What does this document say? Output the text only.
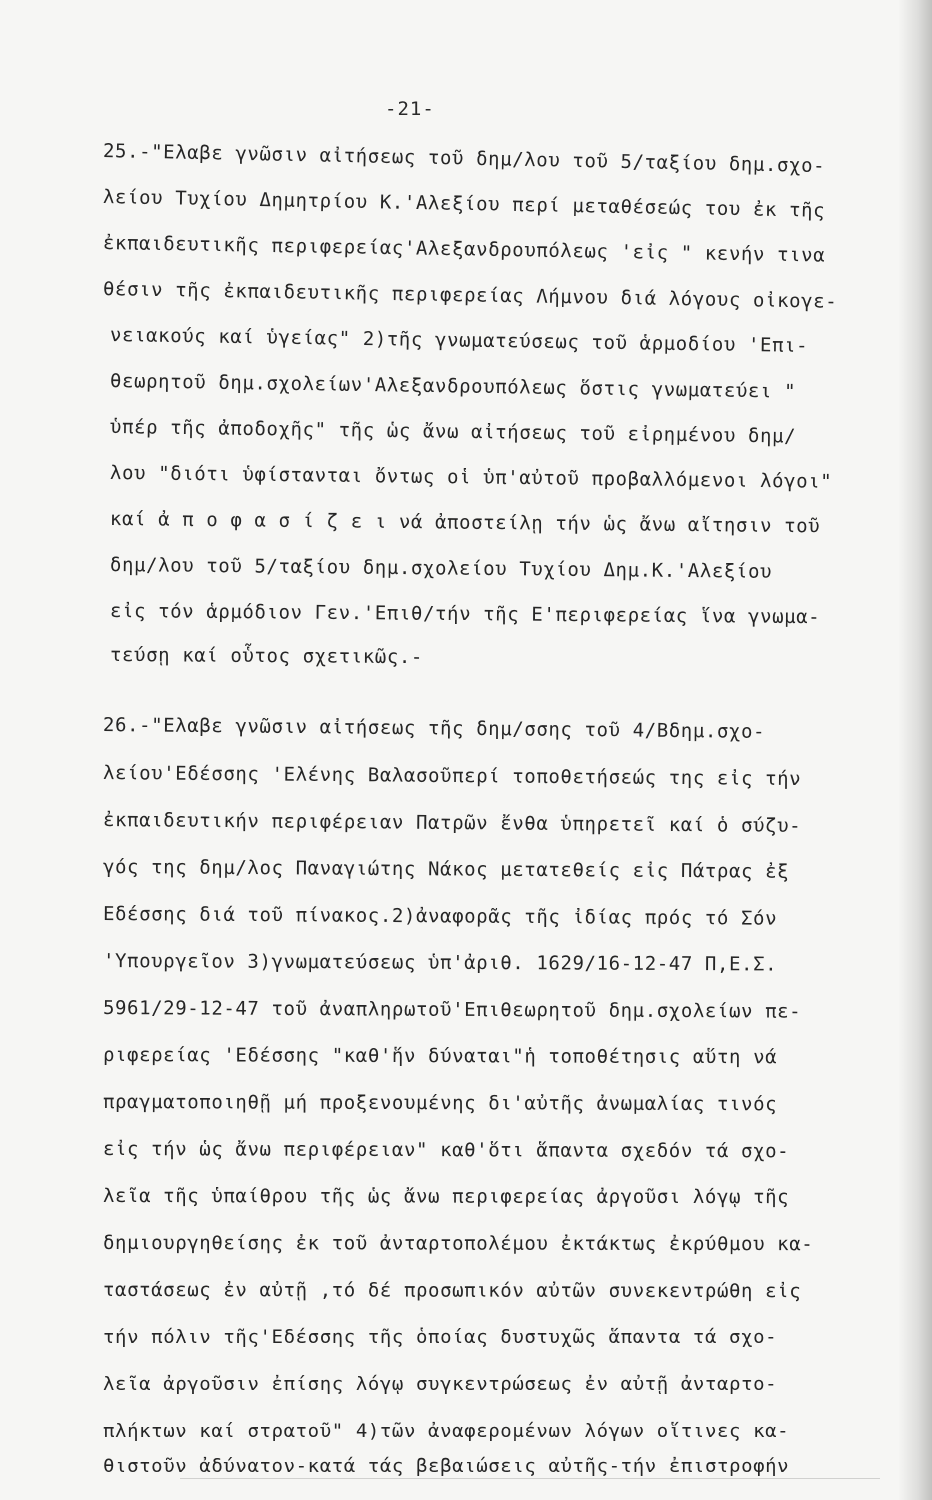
-21-
25.-"Ελαβε γνῶσιν αἰτήσεως τοῦ δημ/λου τοῦ 5/ταξίου δημ.σχο-
λείου Τυχίου Δημητρίου Κ.'Αλεξίου περί μεταθέσεώς του ἐκ τῆς
ἐκπαιδευτικῆς περιφερείας'Αλεξανδρουπόλεως 'εἰς " κενήν τινα
θέσιν τῆς ἐκπαιδευτικῆς περιφερείας Λήμνου διά λόγους οἰκογε-
νειακούς καί ὑγείας" 2)τῆς γνωματεύσεως τοῦ ἁρμοδίου 'Επι-
θεωρητοῦ δημ.σχολείων'Αλεξανδρουπόλεως ὅστις γνωματεύει "
ὑπέρ τῆς ἀποδοχῆς" τῆς ὡς ἄνω αἰτήσεως τοῦ εἰρημένου δημ/
λου "διότι ὑφίστανται ὄντως οἱ ὑπ'αὐτοῦ προβαλλόμενοι λόγοι"
καί ἀ π ο φ α σ ί ζ ε ι νά ἀποστείλῃ τήν ὡς ἄνω αἴτησιν τοῦ
δημ/λου τοῦ 5/ταξίου δημ.σχολείου Τυχίου Δημ.Κ.'Αλεξίου
εἰς τόν ἁρμόδιον Γεν.'Επιθ/τήν τῆς Ε'περιφερείας ἵνα γνωμα-
τεύσῃ καί οὗτος σχετικῶς.-
26.-"Ελαβε γνῶσιν αἰτήσεως τῆς δημ/σσης τοῦ 4/Βδημ.σχο-
λείου'Εδέσσης 'Ελένης Βαλασοῦπερί τοποθετήσεώς της εἰς τήν
ἐκπαιδευτικήν περιφέρειαν Πατρῶν ἔνθα ὑπηρετεῖ καί ὁ σύζυ-
γός της δημ/λος Παναγιώτης Νάκος μετατεθείς εἰς Πάτρας ἐξ
Εδέσσης διά τοῦ πίνακος.2)ἀναφορᾶς τῆς ἰδίας πρός τό Σόν
'Υπουργεῖον 3)γνωματεύσεως ὑπ'ἀριθ. 1629/16-12-47 Π,Ε.Σ.
5961/29-12-47 τοῦ ἀναπληρωτοῦ'Επιθεωρητοῦ δημ.σχολείων πε-
ριφερείας 'Εδέσσης "καθ'ἥν δύναται"ἡ τοποθέτησις αὕτη νά
πραγματοποιηθῇ μή προξενουμένης δι'αὐτῆς ἀνωμαλίας τινός
εἰς τήν ὡς ἄνω περιφέρειαν" καθ'ὅτι ἅπαντα σχεδόν τά σχο-
λεῖα τῆς ὑπαίθρου τῆς ὡς ἄνω περιφερείας ἀργοῦσι λόγῳ τῆς
δημιουργηθείσης ἐκ τοῦ ἀνταρτοπολέμου ἐκτάκτως ἐκρύθμου κα-
ταστάσεως ἐν αὐτῇ ,τό δέ προσωπικόν αὐτῶν συνεκεντρώθη εἰς
τήν πόλιν τῆς'Εδέσσης τῆς ὁποίας δυστυχῶς ἅπαντα τά σχο-
λεῖα ἀργοῦσιν ἐπίσης λόγῳ συγκεντρώσεως ἐν αὐτῇ ἀνταρτο-
πλήκτων καί στρατοῦ" 4)τῶν ἀναφερομένων λόγων οἵτινες κα-
θιστοῦν ἀδύνατον-κατά τάς βεβαιώσεις αὐτῆς-τήν ἐπιστροφήν
